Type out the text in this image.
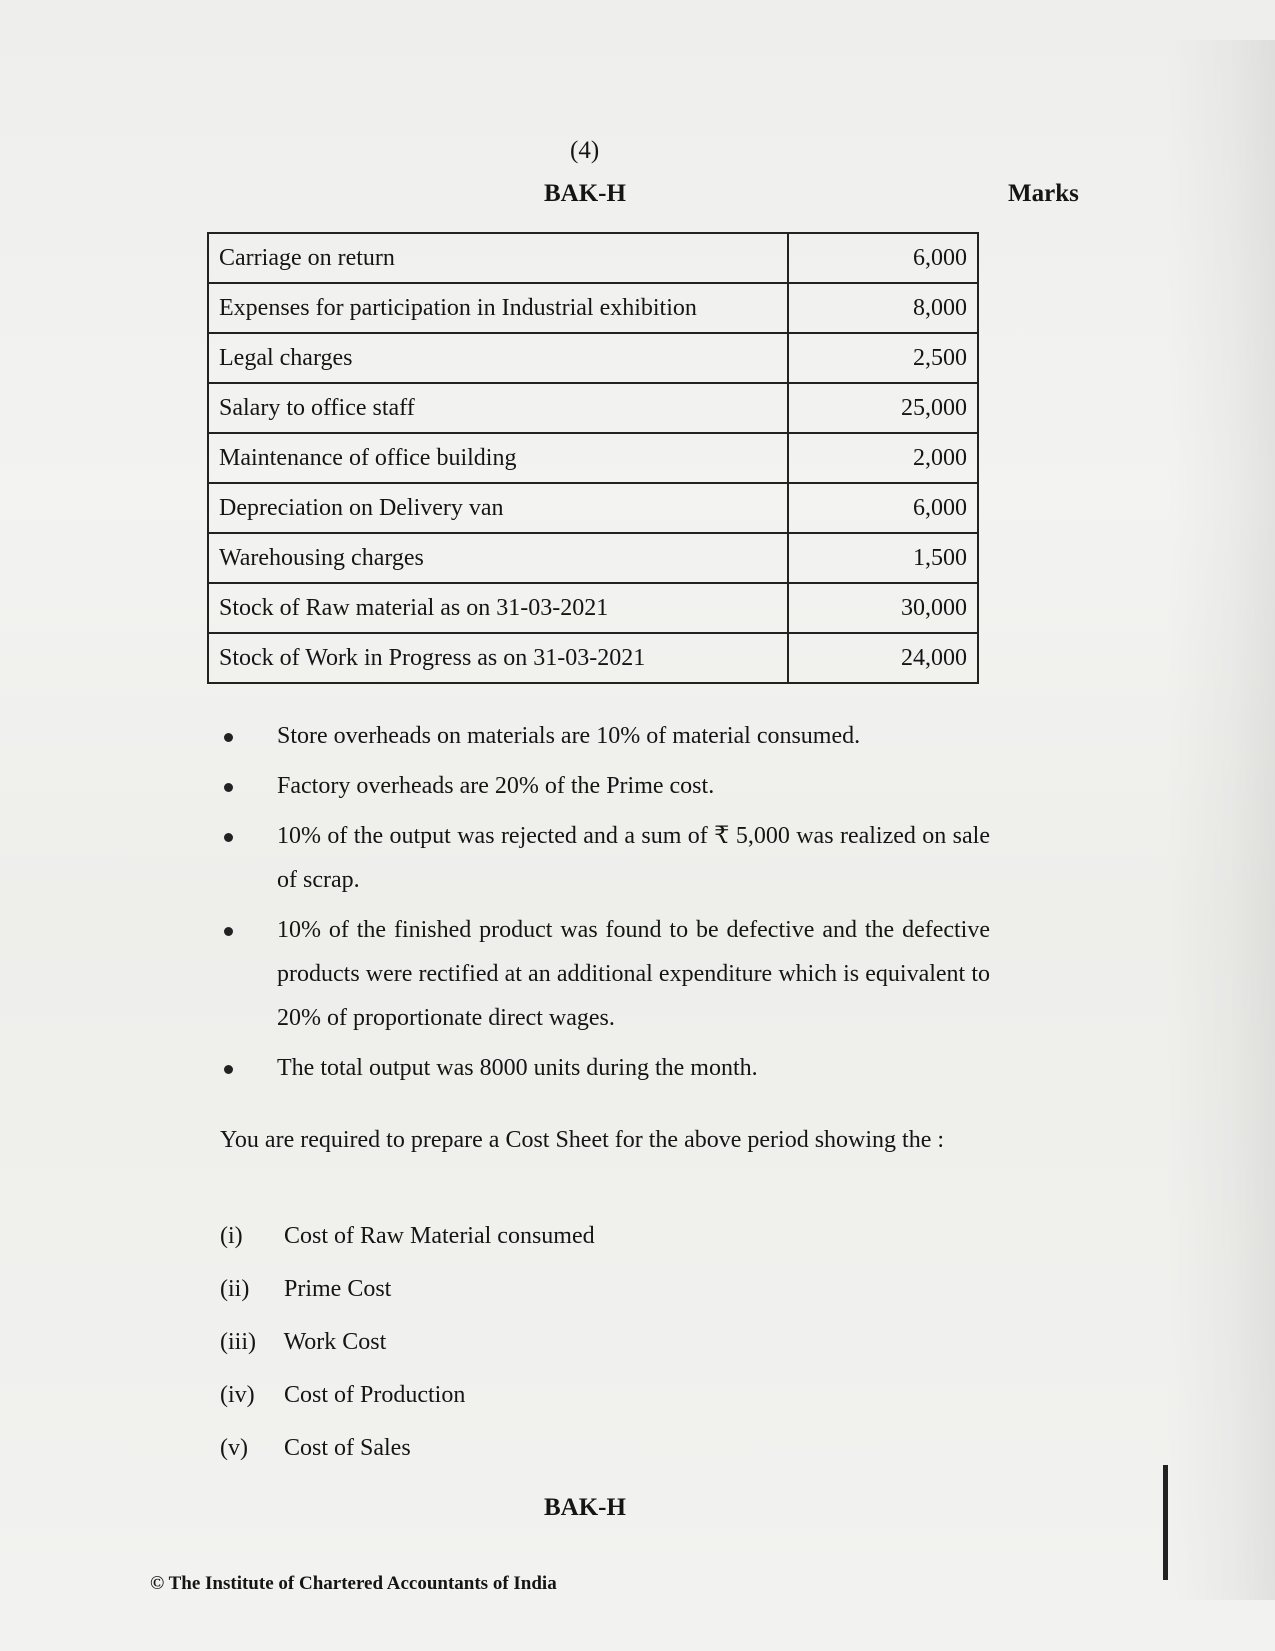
(4)
BAK-H	Marks
Carriage on return	6,000
Expenses for participation in Industrial exhibition	8,000
Legal charges	2,500
Salary to office staff	25,000
Maintenance of office building	2,000
Depreciation on Delivery van	6,000
Warehousing charges	1,500
Stock of Raw material as on 31-03-2021	30,000
Stock of Work in Progress as on 31-03-2021	24,000
Store overheads on materials are 10% of material consumed.
Factory overheads are 20% of the Prime cost.
10% of the output was rejected and a sum of ₹ 5,000 was realized on sale of scrap.
10% of the finished product was found to be defective and the defective products were rectified at an additional expenditure which is equivalent to 20% of proportionate direct wages.
The total output was 8000 units during the month.
You are required to prepare a Cost Sheet for the above period showing the :
(i) Cost of Raw Material consumed
(ii) Prime Cost
(iii) Work Cost
(iv) Cost of Production
(v) Cost of Sales
BAK-H
© The Institute of Chartered Accountants of India
